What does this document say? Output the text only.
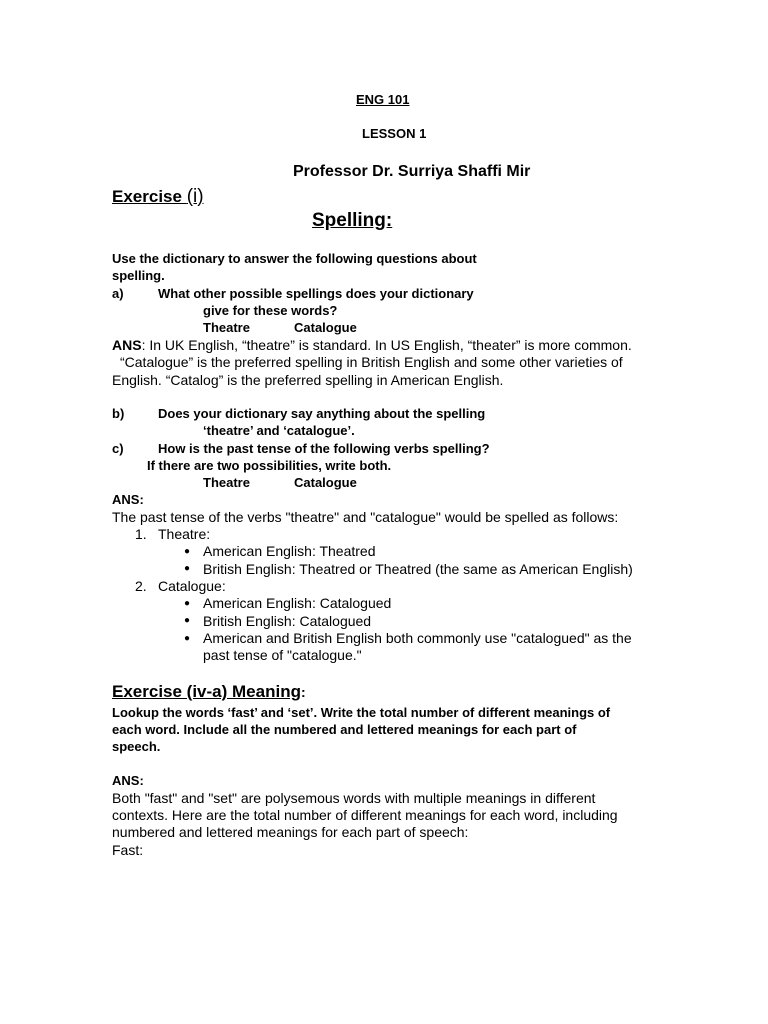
ENG 101
LESSON 1
Professor Dr. Surriya Shaffi Mir
Exercise (i)
Spelling:
Use the dictionary to answer the following questions about
spelling.
a)	What other possible spellings does your dictionary
give for these words?
Theatre	Catalogue
ANS: In UK English, “theatre” is standard. In US English, “theater” is more common.
“Catalogue” is the preferred spelling in British English and some other varieties of
English. “Catalog” is the preferred spelling in American English.
b)	Does your dictionary say anything about the spelling
‘theatre’ and ‘catalogue’.
c)	How is the past tense of the following verbs spelling?
If there are two possibilities, write both.
Theatre	Catalogue
ANS:
The past tense of the verbs "theatre" and "catalogue" would be spelled as follows:
1. Theatre:
● American English: Theatred
● British English: Theatred or Theatred (the same as American English)
2. Catalogue:
● American English: Catalogued
● British English: Catalogued
● American and British English both commonly use "catalogued" as the
past tense of "catalogue."
Exercise (iv-a) Meaning:
Lookup the words ‘fast’ and ‘set’. Write the total number of different meanings of
each word. Include all the numbered and lettered meanings for each part of
speech.
ANS:
Both "fast" and "set" are polysemous words with multiple meanings in different
contexts. Here are the total number of different meanings for each word, including
numbered and lettered meanings for each part of speech:
Fast:
